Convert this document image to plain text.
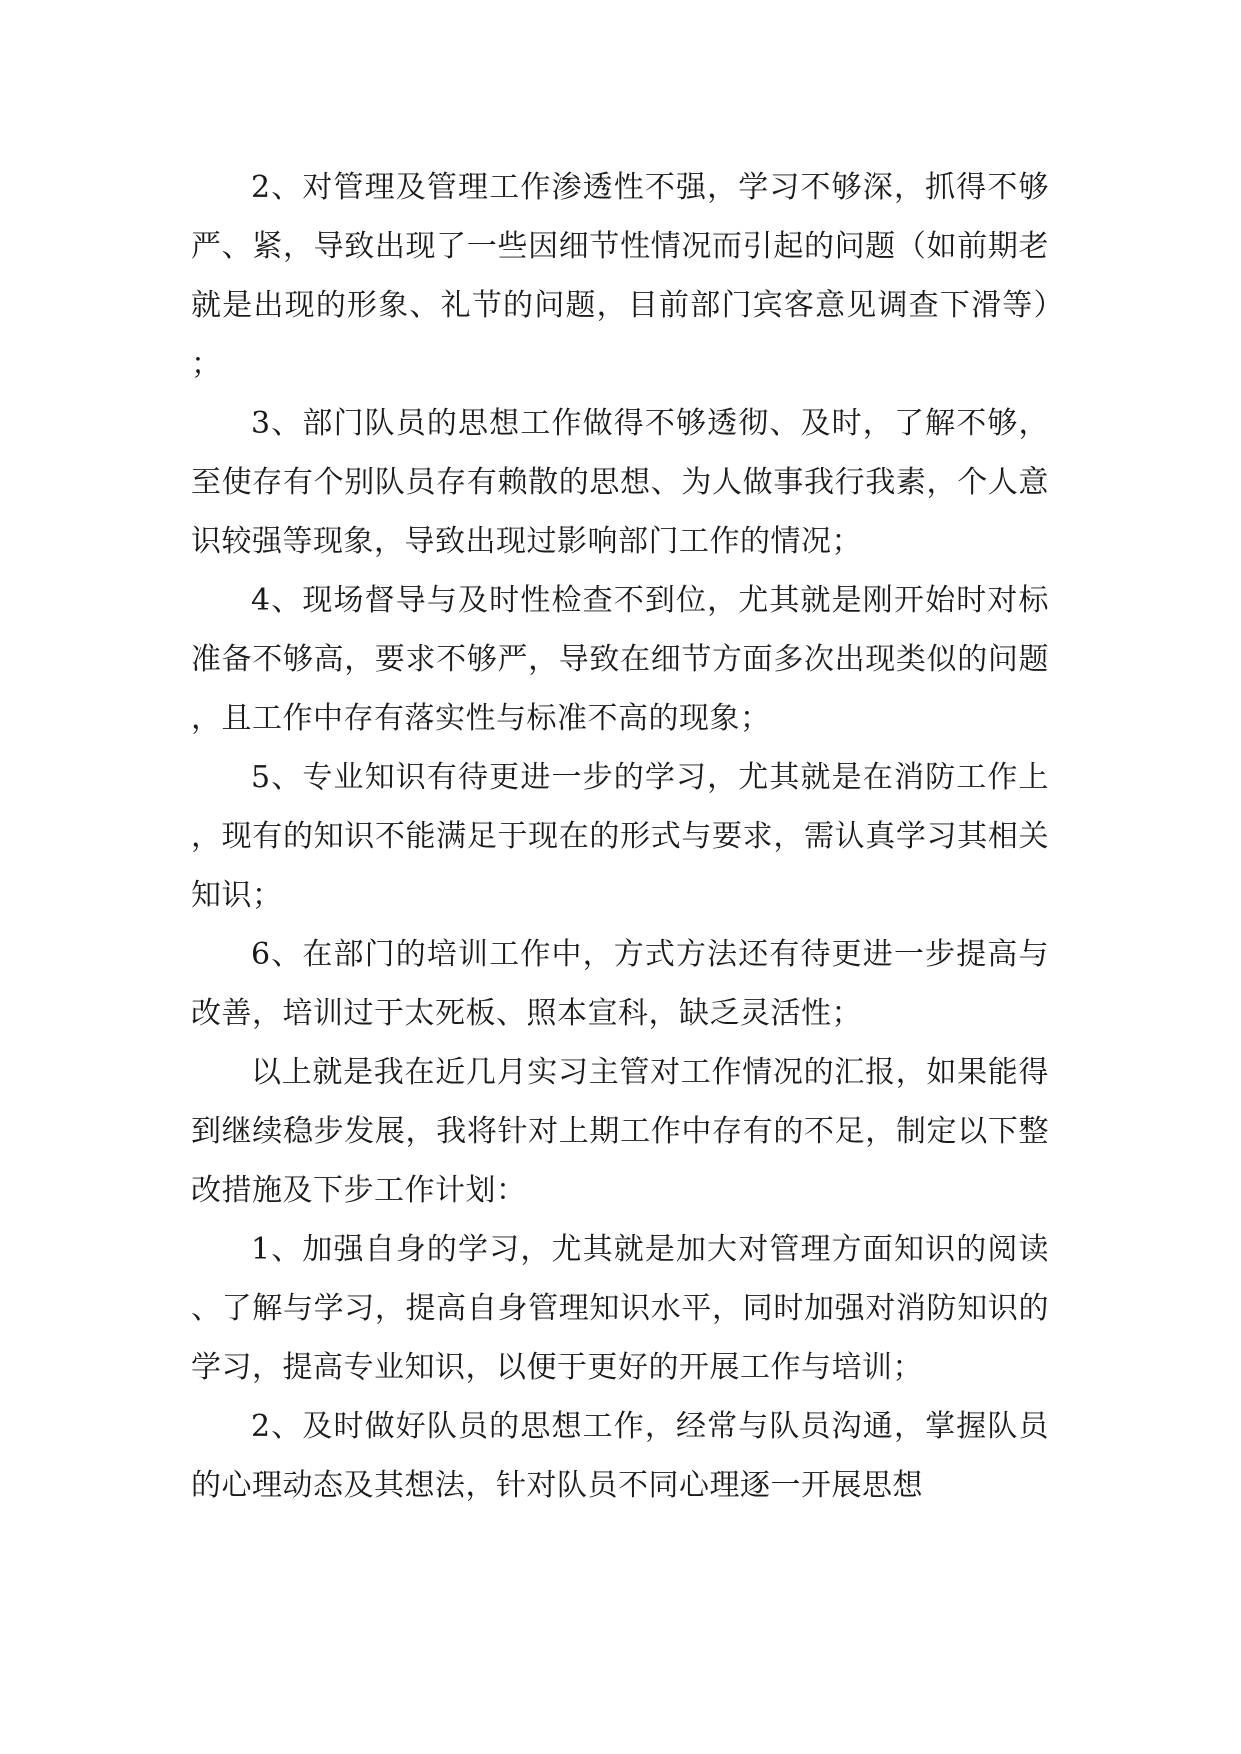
2、对管理及管理工作渗透性不强，学习不够深，抓得不够严、紧，导致出现了一些因细节性情况而引起的问题（如前期老就是出现的形象、礼节的问题，目前部门宾客意见调查下滑等）；

3、部门队员的思想工作做得不够透彻、及时，了解不够，至使存有个别队员存有赖散的思想、为人做事我行我素，个人意识较强等现象，导致出现过影响部门工作的情况；

4、现场督导与及时性检查不到位，尤其就是刚开始时对标准备不够高，要求不够严，导致在细节方面多次出现类似的问题，且工作中存有落实性与标准不高的现象；

5、专业知识有待更进一步的学习，尤其就是在消防工作上，现有的知识不能满足于现在的形式与要求，需认真学习其相关知识；

6、在部门的培训工作中，方式方法还有待更进一步提高与改善，培训过于太死板、照本宣科，缺乏灵活性；

以上就是我在近几月实习主管对工作情况的汇报，如果能得到继续稳步发展，我将针对上期工作中存有的不足，制定以下整改措施及下步工作计划：

1、加强自身的学习，尤其就是加大对管理方面知识的阅读、了解与学习，提高自身管理知识水平，同时加强对消防知识的学习，提高专业知识，以便于更好的开展工作与培训；

2、及时做好队员的思想工作，经常与队员沟通，掌握队员的心理动态及其想法，针对队员不同心理逐一开展思想
